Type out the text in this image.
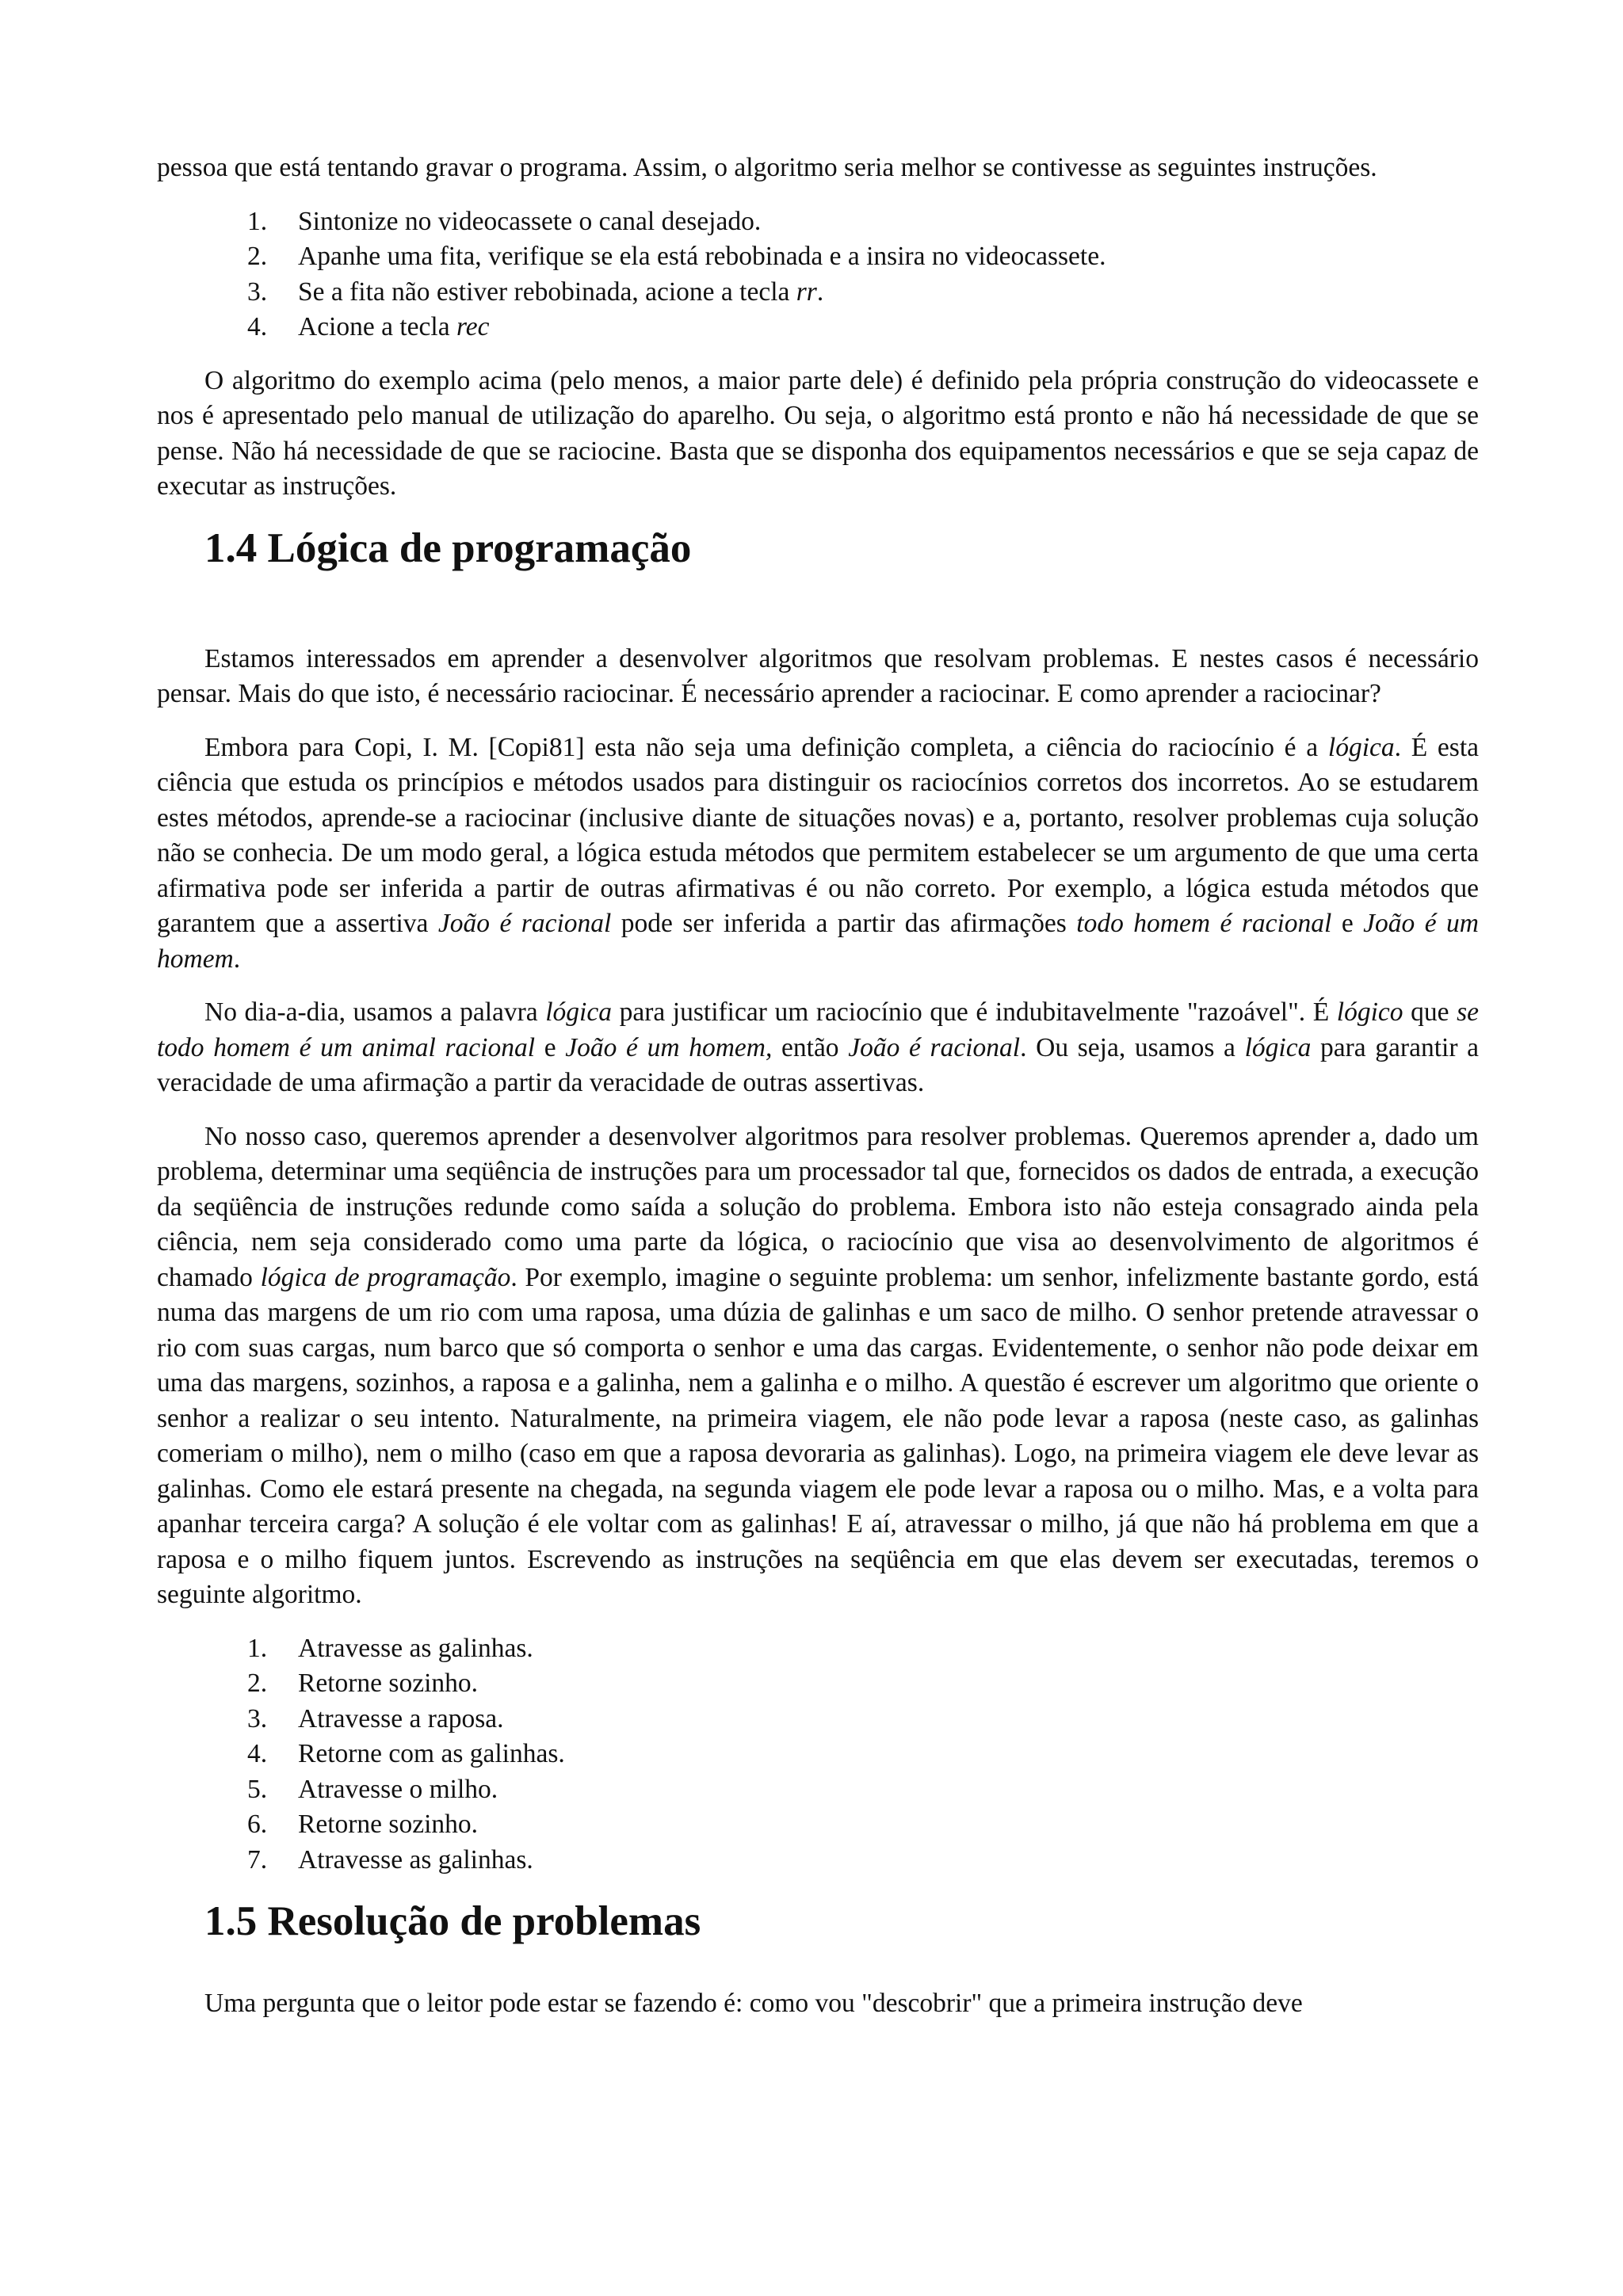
pessoa que está tentando gravar o programa. Assim, o algoritmo seria melhor se contivesse as seguintes instruções.

1.	Sintonize no videocassete o canal desejado.
2.	Apanhe uma fita, verifique se ela está rebobinada e a insira no videocassete.
3.	Se a fita não estiver rebobinada, acione a tecla rr.
4.	Acione a tecla rec

O algoritmo do exemplo acima (pelo menos, a maior parte dele) é definido pela própria construção do videocassete e nos é apresentado pelo manual de utilização do aparelho. Ou seja, o algoritmo está pronto e não há necessidade de que se pense. Não há necessidade de que se raciocine. Basta que se disponha dos equipamentos necessários e que se seja capaz de executar as instruções.

1.4 Lógica de programação

Estamos interessados em aprender a desenvolver algoritmos que resolvam problemas. E nestes casos é necessário pensar. Mais do que isto, é necessário raciocinar. É necessário aprender a raciocinar. E como aprender a raciocinar?

Embora para Copi, I. M. [Copi81] esta não seja uma definição completa, a ciência do raciocínio é a lógica. É esta ciência que estuda os princípios e métodos usados para distinguir os raciocínios corretos dos incorretos. Ao se estudarem estes métodos, aprende-se a raciocinar (inclusive diante de situações novas) e a, portanto, resolver problemas cuja solução não se conhecia. De um modo geral, a lógica estuda métodos que permitem estabelecer se um argumento de que uma certa afirmativa pode ser inferida a partir de outras afirmativas é ou não correto. Por exemplo, a lógica estuda métodos que garantem que a assertiva João é racional pode ser inferida a partir das afirmações todo homem é racional e João é um homem.

No dia-a-dia, usamos a palavra lógica para justificar um raciocínio que é indubitavelmente "razoável". É lógico que se todo homem é um animal racional e João é um homem, então João é racional. Ou seja, usamos a lógica para garantir a veracidade de uma afirmação a partir da veracidade de outras assertivas.

No nosso caso, queremos aprender a desenvolver algoritmos para resolver problemas. Queremos aprender a, dado um problema, determinar uma seqüência de instruções para um processador tal que, fornecidos os dados de entrada, a execução da seqüência de instruções redunde como saída a solução do problema. Embora isto não esteja consagrado ainda pela ciência, nem seja considerado como uma parte da lógica, o raciocínio que visa ao desenvolvimento de algoritmos é chamado lógica de programação. Por exemplo, imagine o seguinte problema: um senhor, infelizmente bastante gordo, está numa das margens de um rio com uma raposa, uma dúzia de galinhas e um saco de milho. O senhor pretende atravessar o rio com suas cargas, num barco que só comporta o senhor e uma das cargas. Evidentemente, o senhor não pode deixar em uma das margens, sozinhos, a raposa e a galinha, nem a galinha e o milho. A questão é escrever um algoritmo que oriente o senhor a realizar o seu intento. Naturalmente, na primeira viagem, ele não pode levar a raposa (neste caso, as galinhas comeriam o milho), nem o milho (caso em que a raposa devoraria as galinhas). Logo, na primeira viagem ele deve levar as galinhas. Como ele estará presente na chegada, na segunda viagem ele pode levar a raposa ou o milho. Mas, e a volta para apanhar terceira carga? A solução é ele voltar com as galinhas! E aí, atravessar o milho, já que não há problema em que a raposa e o milho fiquem juntos. Escrevendo as instruções na seqüência em que elas devem ser executadas, teremos o seguinte algoritmo.

1.	Atravesse as galinhas.
2.	Retorne sozinho.
3.	Atravesse a raposa.
4.	Retorne com as galinhas.
5.	Atravesse o milho.
6.	Retorne sozinho.
7.	Atravesse as galinhas.
1.5 Resolução de problemas

Uma pergunta que o leitor pode estar se fazendo é: como vou "descobrir" que a primeira instrução deve
